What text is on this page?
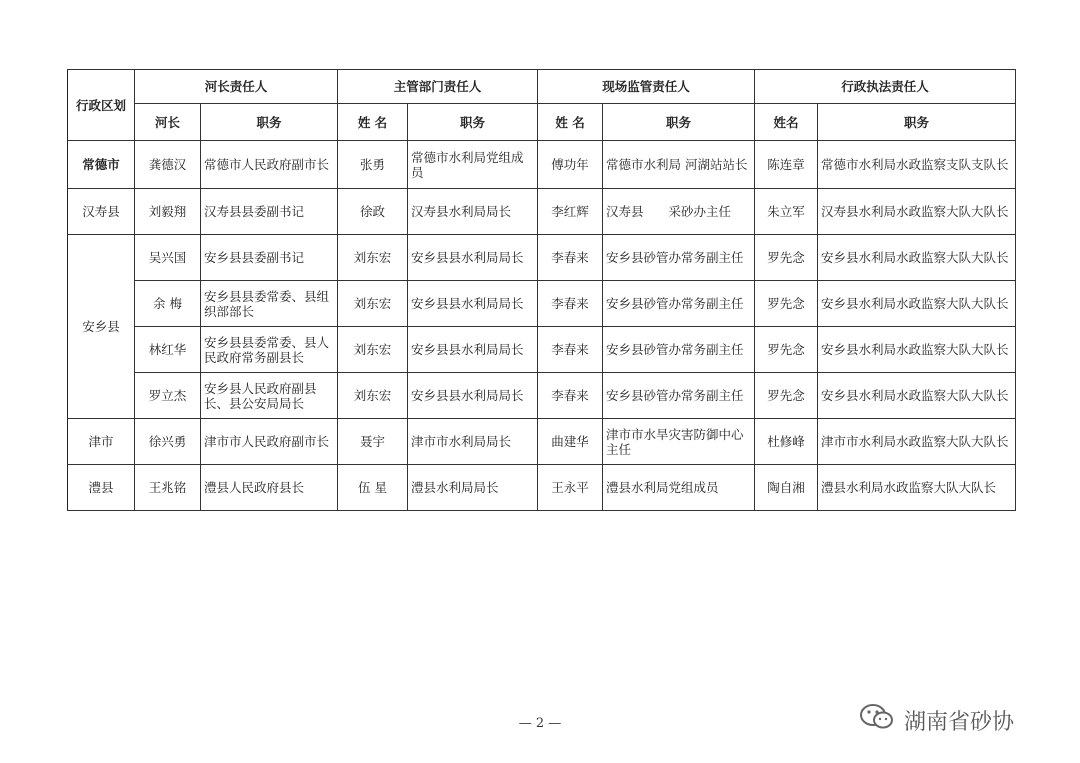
行政区划	河长责任人		主管部门责任人		现场监管责任人		行政执法责任人	
	河长	职务	姓 名	职务	姓 名	职务	姓名	职务
常德市	龚德汉	常德市人民政府副市长	张勇	常德市水利局党组成员	傅功年	常德市水利局 河湖站站长	陈连章	常德市水利局水政监察支队支队长
汉寿县	刘毅翔	汉寿县县委副书记	徐政	汉寿县水利局局长	李红辉	汉寿县　　采砂办主任	朱立军	汉寿县水利局水政监察大队大队长
安乡县	吴兴国	安乡县县委副书记	刘东宏	安乡县县水利局局长	李春来	安乡县砂管办常务副主任	罗先念	安乡县水利局水政监察大队大队长
	余 梅	安乡县县委常委、县组织部部长	刘东宏	安乡县县水利局局长	李春来	安乡县砂管办常务副主任	罗先念	安乡县水利局水政监察大队大队长
	林红华	安乡县县委常委、县人民政府常务副县长	刘东宏	安乡县县水利局局长	李春来	安乡县砂管办常务副主任	罗先念	安乡县水利局水政监察大队大队长
	罗立杰	安乡县人民政府副县长、县公安局局长	刘东宏	安乡县县水利局局长	李春来	安乡县砂管办常务副主任	罗先念	安乡县水利局水政监察大队大队长
津市	徐兴勇	津市市人民政府副市长	聂宇	津市市水利局局长	曲建华	津市市水旱灾害防御中心主任	杜修峰	津市市水利局水政监察大队大队长
澧县	王兆铭	澧县人民政府县长	伍 星	澧县水利局局长	王永平	澧县水利局党组成员	陶自湘	澧县水利局水政监察大队大队长
— 2 —	湖南省砂协
